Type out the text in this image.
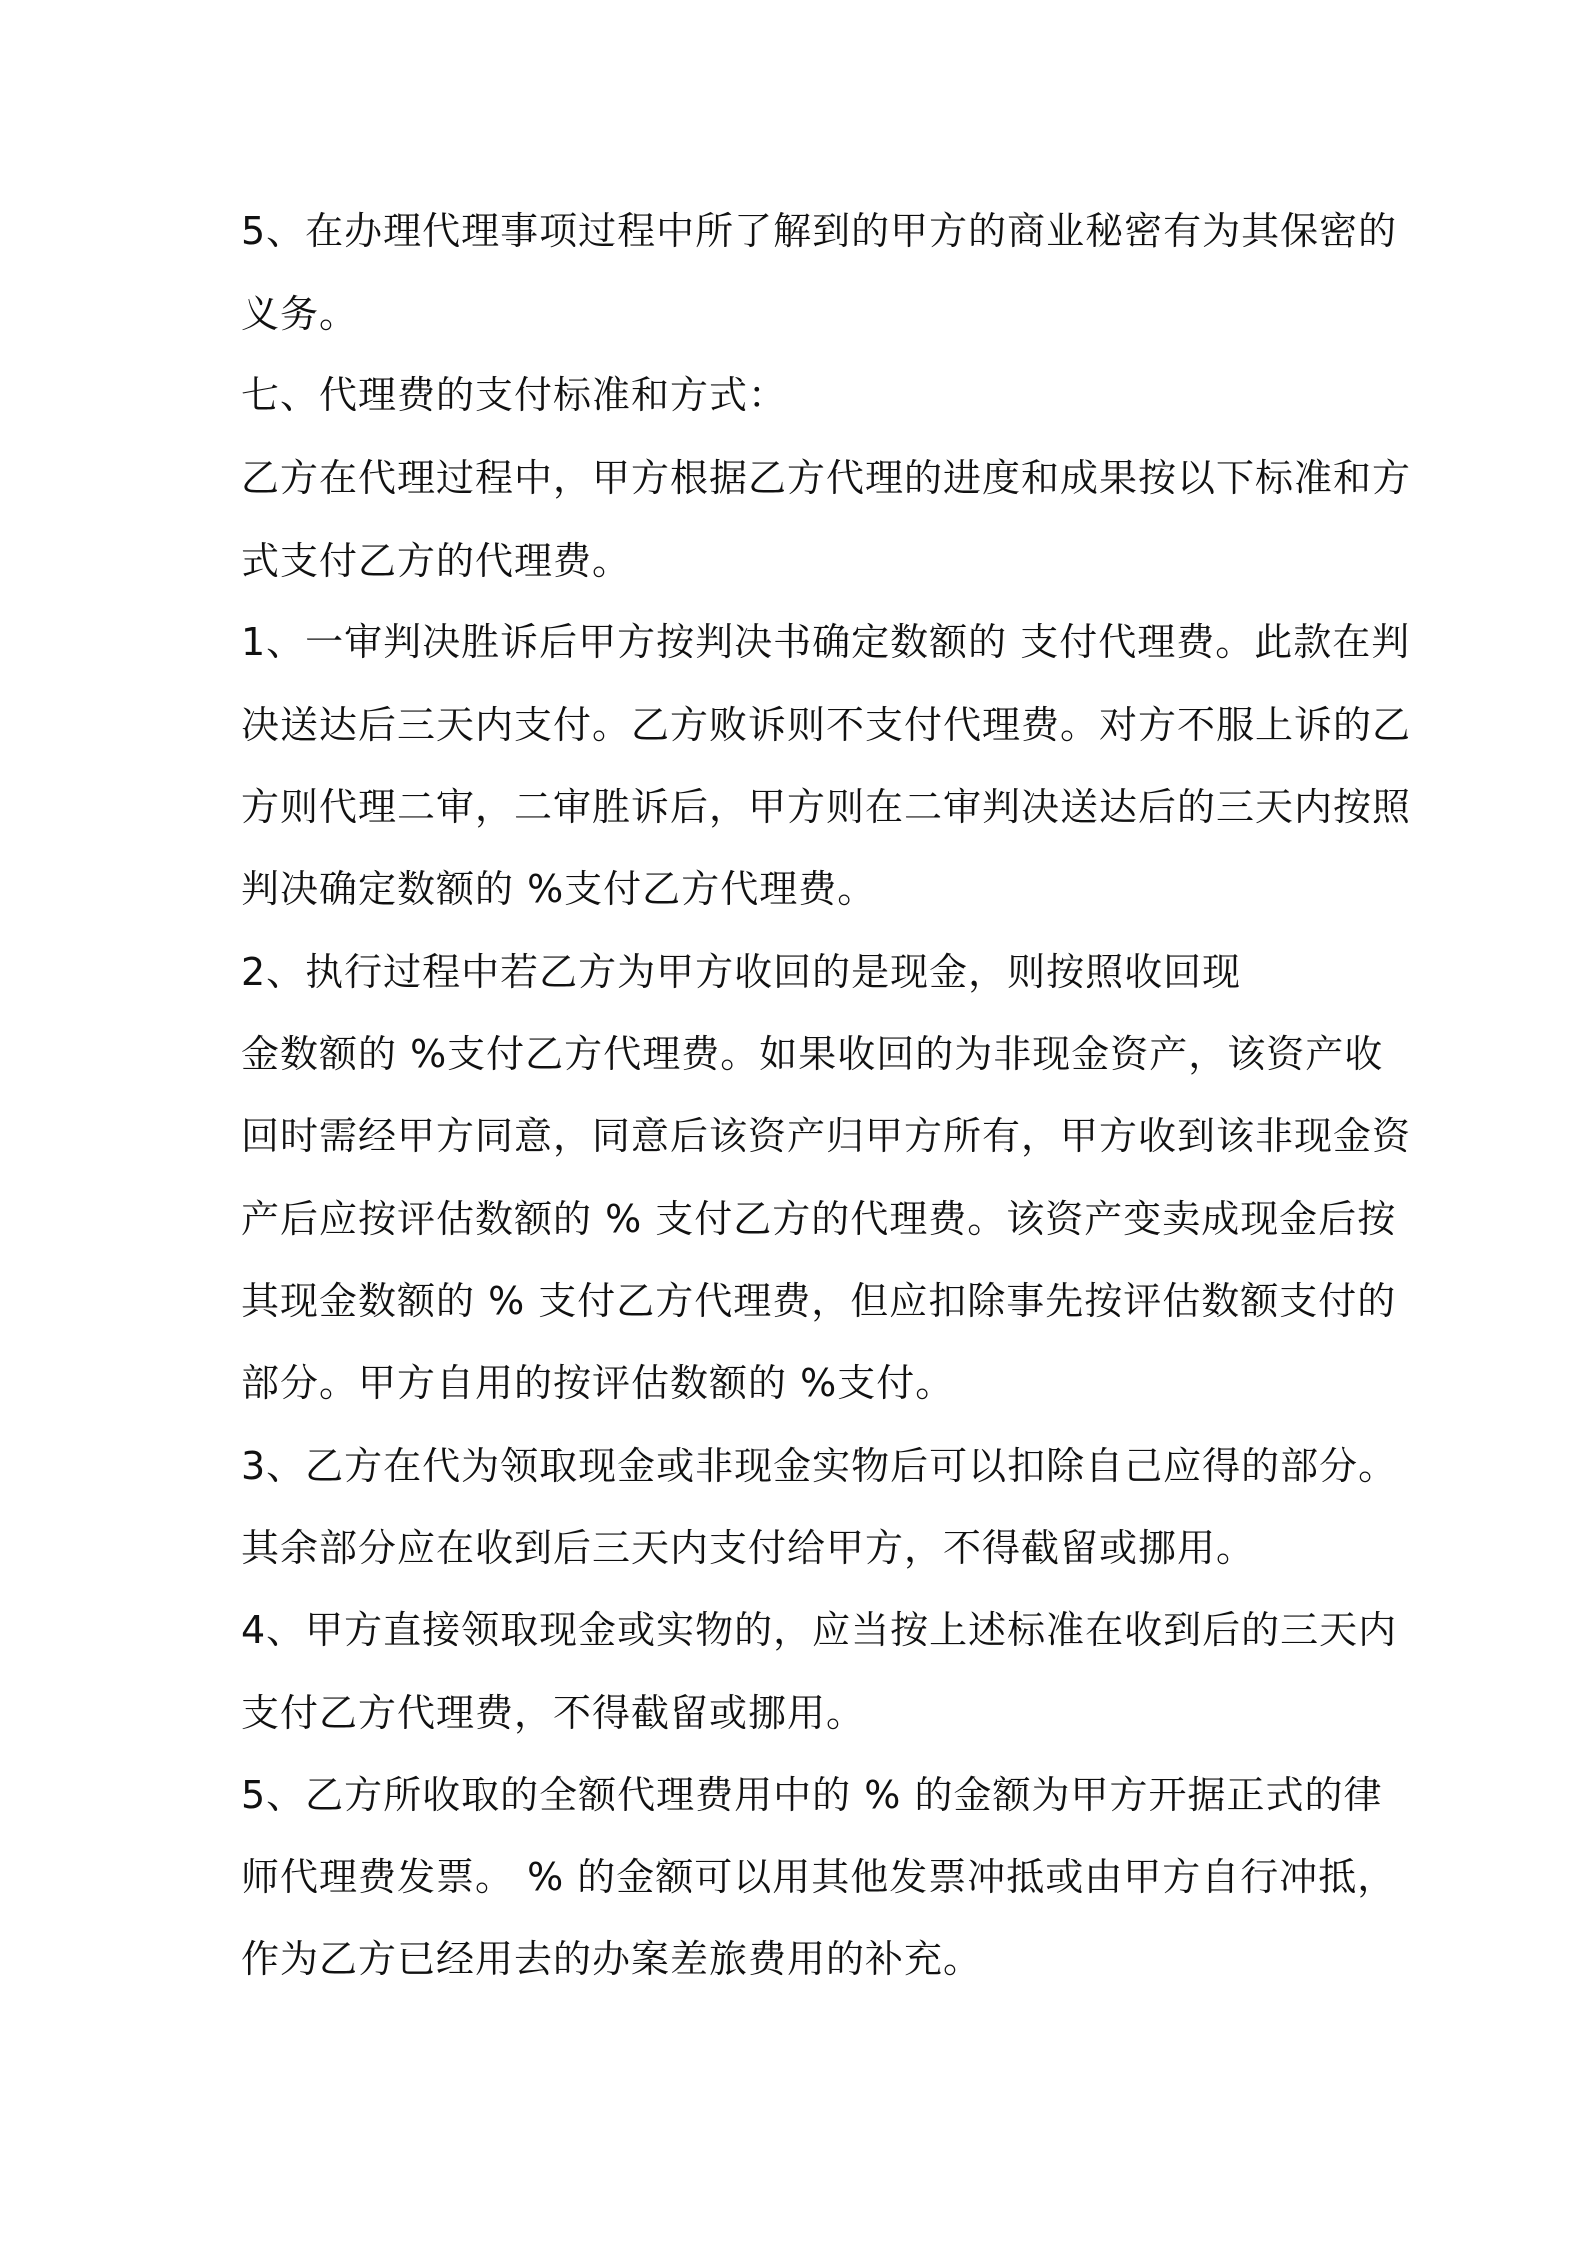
5、在办理代理事项过程中所了解到的甲方的商业秘密有为其保密的
义务。
七、代理费的支付标准和方式：
乙方在代理过程中，甲方根据乙方代理的进度和成果按以下标准和方
式支付乙方的代理费。
1、一审判决胜诉后甲方按判决书确定数额的 支付代理费。此款在判
决送达后三天内支付。乙方败诉则不支付代理费。对方不服上诉的乙
方则代理二审，二审胜诉后，甲方则在二审判决送达后的三天内按照
判决确定数额的 %支付乙方代理费。
2、执行过程中若乙方为甲方收回的是现金，则按照收回现
金数额的 %支付乙方代理费。如果收回的为非现金资产，该资产收
回时需经甲方同意，同意后该资产归甲方所有，甲方收到该非现金资
产后应按评估数额的 % 支付乙方的代理费。该资产变卖成现金后按
其现金数额的 % 支付乙方代理费，但应扣除事先按评估数额支付的
部分。甲方自用的按评估数额的 %支付。
3、乙方在代为领取现金或非现金实物后可以扣除自己应得的部分。
其余部分应在收到后三天内支付给甲方，不得截留或挪用。
4、甲方直接领取现金或实物的，应当按上述标准在收到后的三天内
支付乙方代理费，不得截留或挪用。
5、乙方所收取的全额代理费用中的 % 的金额为甲方开据正式的律
师代理费发票。 % 的金额可以用其他发票冲抵或由甲方自行冲抵，
作为乙方已经用去的办案差旅费用的补充。
